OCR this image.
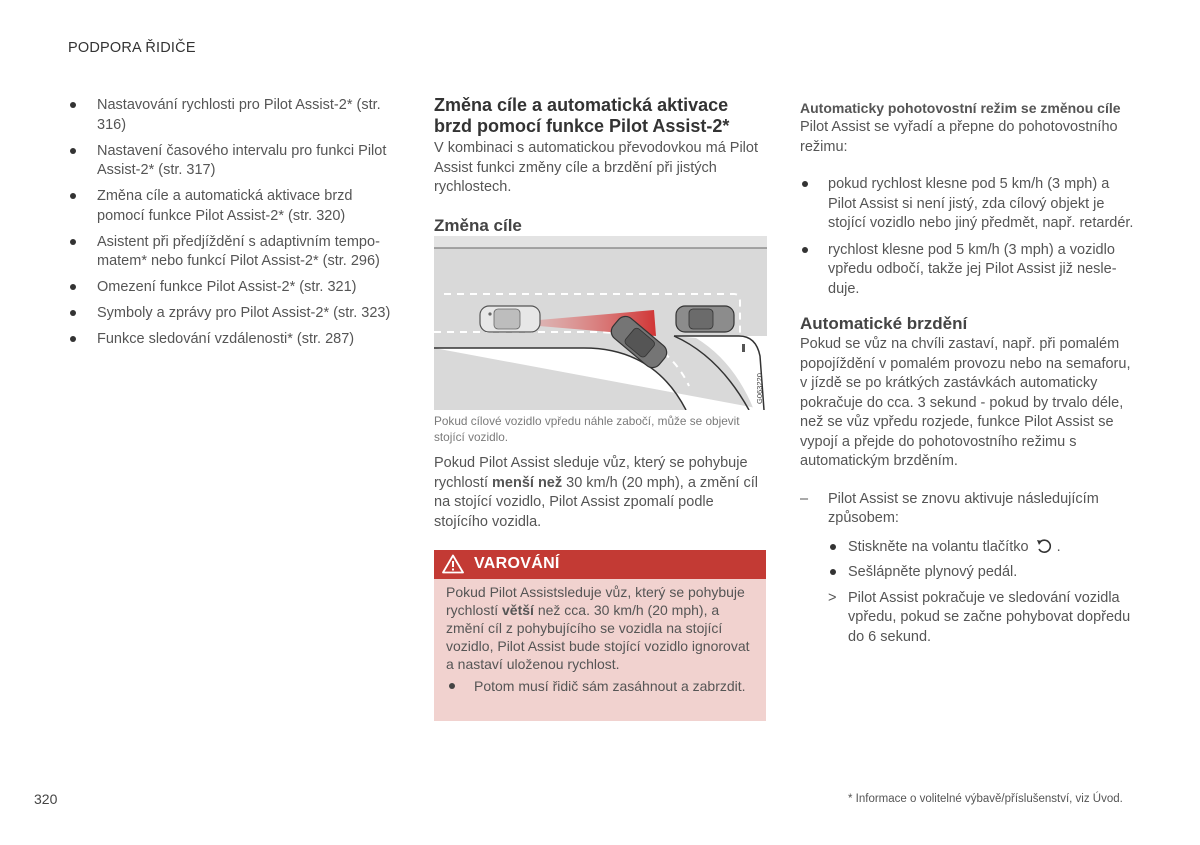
PODPORA ŘIDIČE
Nastavování rychlosti pro Pilot Assist-2* (str. 316)
Nastavení časového intervalu pro funkci Pilot Assist-2* (str. 317)
Změna cíle a automatická aktivace brzd pomocí funkce Pilot Assist-2* (str. 320)
Asistent při předjíždění s adaptivním tempomatem* nebo funkcí Pilot Assist-2* (str. 296)
Omezení funkce Pilot Assist-2* (str. 321)
Symboly a zprávy pro Pilot Assist-2* (str. 323)
Funkce sledování vzdálenosti* (str. 287)
Změna cíle a automatická aktivace brzd pomocí funkce Pilot Assist-2*

V kombinaci s automatickou převodovkou má Pilot Assist funkci změny cíle a brzdění při jistých rychlostech.

Změna cíle
G063220
Pokud cílové vozidlo vpředu náhle zabočí, může se objevit stojící vozidlo.

Pokud Pilot Assist sleduje vůz, který se pohybuje rychlostí menší než 30 km/h (20 mph), a změní cíl na stojící vozidlo, Pilot Assist zpomalí podle stojícího vozidla.

VAROVÁNÍ
Pokud Pilot Assistsleduje vůz, který se pohybuje rychlostí větší než cca. 30 km/h (20 mph), a změní cíl z pohybujícího se vozidla na stojící vozidlo, Pilot Assist bude stojící vozidlo ignorovat a nastaví uloženou rychlost.
Potom musí řidič sám zasáhnout a zabrzdit.
Automaticky pohotovostní režim se změnou cíle

Pilot Assist se vyřadí a přepne do pohotovostního režimu:

pokud rychlost klesne pod 5 km/h (3 mph) a Pilot Assist si není jistý, zda cílový objekt je stojící vozidlo nebo jiný předmět, např. retardér.
rychlost klesne pod 5 km/h (3 mph) a vozidlo vpředu odbočí, takže jej Pilot Assist již nesleduje.
Automatické brzdění

Pokud se vůz na chvíli zastaví, např. při pomalém popojíždění v pomalém provozu nebo na semaforu, v jízdě se po krátkých zastávkách automaticky pokračuje do cca. 3 sekund - pokud by trvalo déle, než se vůz vpředu rozjede, funkce Pilot Assist se vypojí a přejde do pohotovostního režimu s automatickým brzděním.

– Pilot Assist se znovu aktivuje následujícím způsobem:
Stiskněte na volantu tlačítko .
Sešlápněte plynový pedál.
> Pilot Assist pokračuje ve sledování vozidla vpředu, pokud se začne pohybovat dopředu do 6 sekund.
320	* Informace o volitelné výbavě/příslušenství, viz Úvod.
